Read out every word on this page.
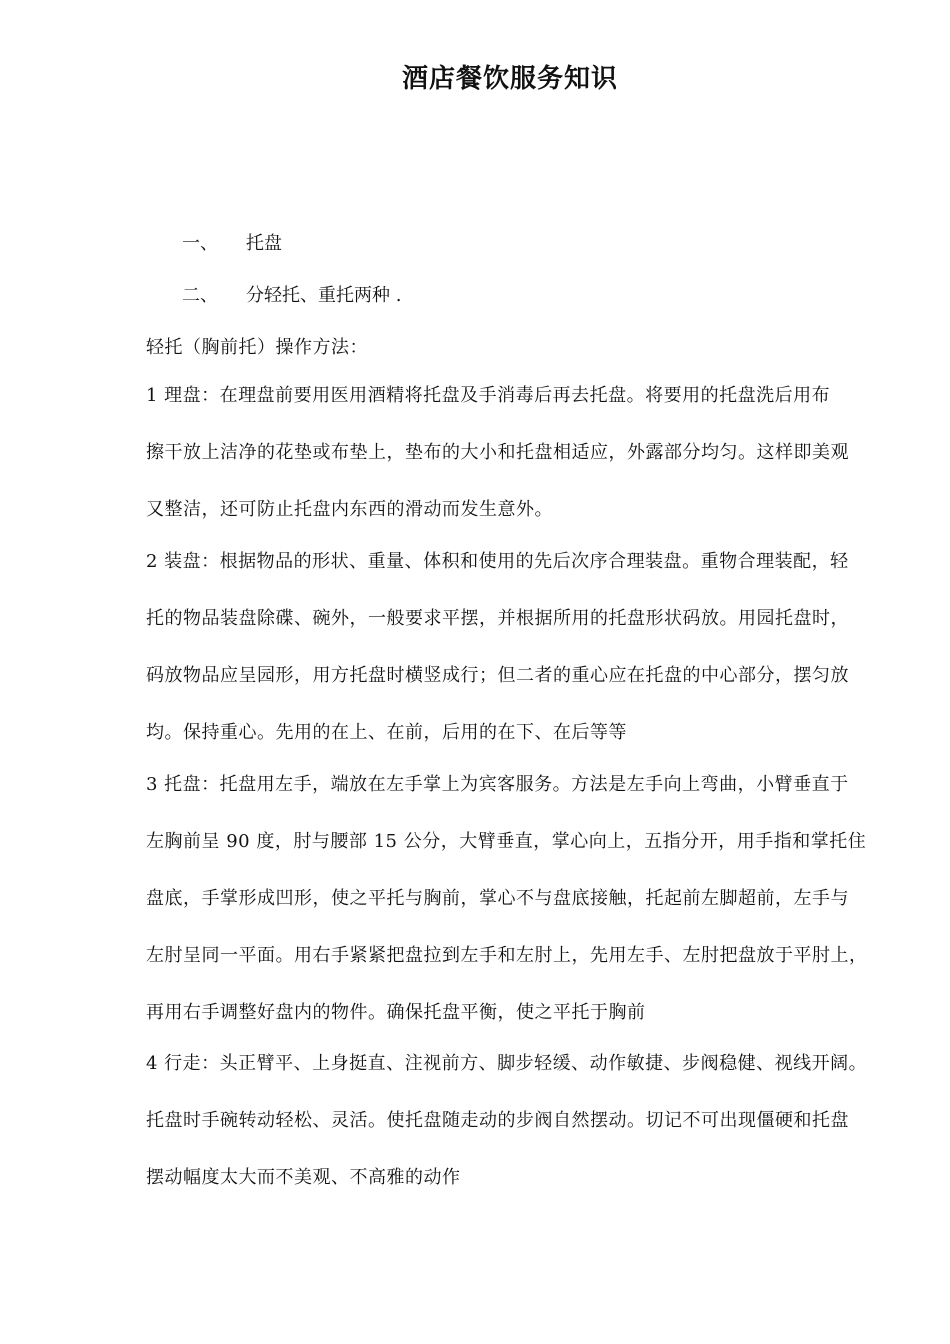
酒店餐饮服务知识
一、 托盘
二、 分轻托、重托两种 .
轻托（胸前托）操作方法：
1 理盘：在理盘前要用医用酒精将托盘及手消毒后再去托盘。将要用的托盘洗后用布
擦干放上洁净的花垫或布垫上，垫布的大小和托盘相适应，外露部分均匀。这样即美观
又整洁，还可防止托盘内东西的滑动而发生意外。
2 装盘：根据物品的形状、重量、体积和使用的先后次序合理装盘。重物合理装配，轻
托的物品装盘除碟、碗外，一般要求平摆，并根据所用的托盘形状码放。用园托盘时，
码放物品应呈园形，用方托盘时横竖成行；但二者的重心应在托盘的中心部分，摆匀放
均。保持重心。先用的在上、在前，后用的在下、在后等等
3 托盘：托盘用左手，端放在左手掌上为宾客服务。方法是左手向上弯曲，小臂垂直于
左胸前呈 90 度，肘与腰部 15 公分，大臂垂直，掌心向上，五指分开，用手指和掌托住
盘底，手掌形成凹形，使之平托与胸前，掌心不与盘底接触，托起前左脚超前，左手与
左肘呈同一平面。用右手紧紧把盘拉到左手和左肘上，先用左手、左肘把盘放于平肘上，
再用右手调整好盘内的物件。确保托盘平衡，使之平托于胸前
4 行走：头正臂平、上身挺直、注视前方、脚步轻缓、动作敏捷、步阀稳健、视线开阔。
托盘时手碗转动轻松、灵活。使托盘随走动的步阀自然摆动。切记不可出现僵硬和托盘
摆动幅度太大而不美观、不高雅的动作
